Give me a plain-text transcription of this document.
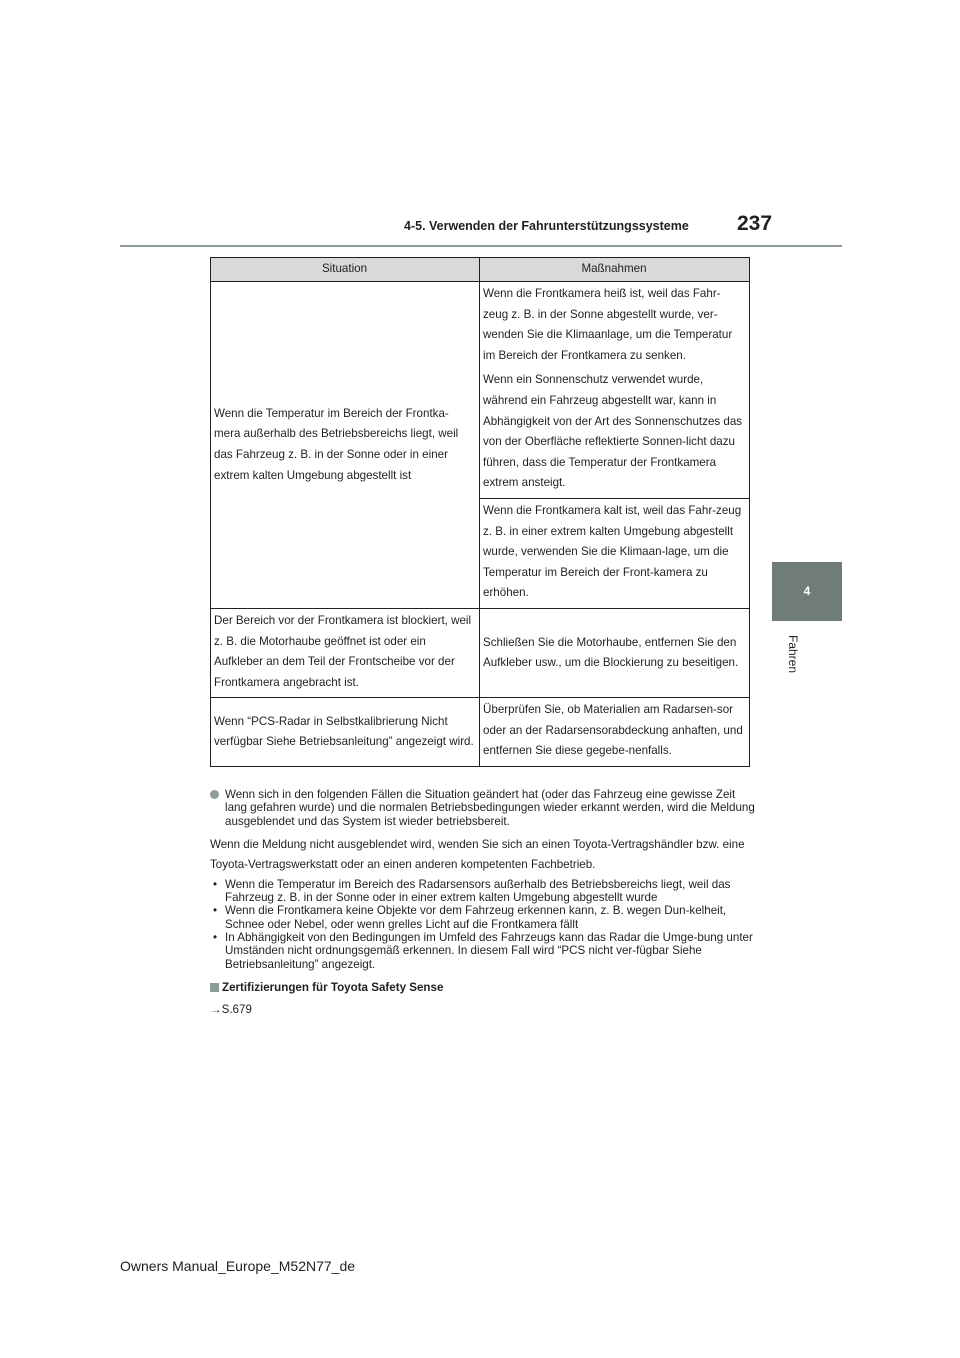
4-5. Verwenden der Fahrunterstützungssysteme 237
4
Fahren
Situation	Maßnahmen

Wenn die Temperatur im Bereich der Frontka-mera außerhalb des Betriebsbereichs liegt, weil das Fahrzeug z. B. in der Sonne oder in einer extrem kalten Umgebung abgestellt ist	Wenn die Frontkamera heiß ist, weil das Fahr-zeug z. B. in der Sonne abgestellt wurde, ver-wenden Sie die Klimaanlage, um die Temperatur im Bereich der Frontkamera zu senken.
Wenn ein Sonnenschutz verwendet wurde, während ein Fahrzeug abgestellt war, kann in Abhängigkeit von der Art des Sonnenschutzes das von der Oberfläche reflektierte Sonnen-licht dazu führen, dass die Temperatur der Frontkamera extrem ansteigt.
Wenn die Frontkamera kalt ist, weil das Fahr-zeug z. B. in einer extrem kalten Umgebung abgestellt wurde, verwenden Sie die Klimaan-lage, um die Temperatur im Bereich der Front-kamera zu erhöhen.

Der Bereich vor der Frontkamera ist blockiert, weil z. B. die Motorhaube geöffnet ist oder ein Aufkleber an dem Teil der Frontscheibe vor der Frontkamera angebracht ist.	Schließen Sie die Motorhaube, entfernen Sie den Aufkleber usw., um die Blockierung zu beseitigen.

Wenn “PCS-Radar in Selbstkalibrierung Nicht verfügbar Siehe Betriebsanleitung” angezeigt wird.	Überprüfen Sie, ob Materialien am Radarsen-sor oder an der Radarsensorabdeckung anhaften, und entfernen Sie diese gegebe-nenfalls.
Wenn sich in den folgenden Fällen die Situation geändert hat (oder das Fahrzeug eine gewisse Zeit lang gefahren wurde) und die normalen Betriebsbedingungen wieder erkannt werden, wird die Meldung ausgeblendet und das System ist wieder betriebsbereit.
Wenn die Meldung nicht ausgeblendet wird, wenden Sie sich an einen Toyota-Vertragshändler bzw. eine Toyota-Vertragswerkstatt oder an einen anderen kompetenten Fachbetrieb.
• Wenn die Temperatur im Bereich des Radarsensors außerhalb des Betriebsbereichs liegt, weil das Fahrzeug z. B. in der Sonne oder in einer extrem kalten Umgebung abgestellt wurde
• Wenn die Frontkamera keine Objekte vor dem Fahrzeug erkennen kann, z. B. wegen Dun-kelheit, Schnee oder Nebel, oder wenn grelles Licht auf die Frontkamera fällt
• In Abhängigkeit von den Bedingungen im Umfeld des Fahrzeugs kann das Radar die Umge-bung unter Umständen nicht ordnungsgemäß erkennen. In diesem Fall wird “PCS nicht ver-fügbar Siehe Betriebsanleitung” angezeigt.
Zertifizierungen für Toyota Safety Sense
→S.679
Owners Manual_Europe_M52N77_de
